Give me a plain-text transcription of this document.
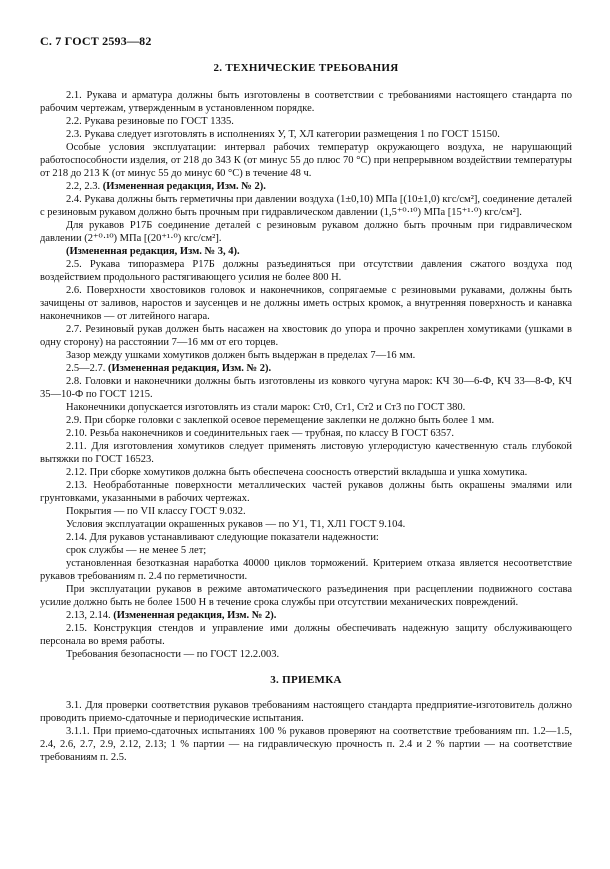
С. 7 ГОСТ 2593—82
2. ТЕХНИЧЕСКИЕ ТРЕБОВАНИЯ

2.1. Рукава и арматура должны быть изготовлены в соответствии с требованиями настоящего стандарта по рабочим чертежам, утвержденным в установленном порядке.

2.2. Рукава резиновые по ГОСТ 1335.

2.3. Рукава следует изготовлять в исполнениях У, Т, ХЛ категории размещения 1 по ГОСТ 15150.

Особые условия эксплуатации: интервал рабочих температур окружающего воздуха, не нарушающий работоспособности изделия, от 218 до 343 К (от минус 55 до плюс 70 °С) при непрерывном воздействии температуры от 218 до 213 К (от минус 55 до минус 60 °С) в течение 48 ч.

2.2, 2.3. (Измененная редакция, Изм. № 2).

2.4. Рукава должны быть герметичны при давлении воздуха (1±0,10) МПа [(10±1,0) кгс/см²], соединение деталей с резиновым рукавом должно быть прочным при гидравлическом давлении (1,5⁺⁰·¹⁰) МПа [15⁺¹·⁰) кгс/см²].

Для рукавов Р17Б соединение деталей с резиновым рукавом должно быть прочным при гидравлическом давлении (2⁺⁰·¹⁰) МПа [(20⁺¹·⁰) кгс/см²].

(Измененная редакция, Изм. № 3, 4).

2.5. Рукава типоразмера Р17Б должны разъединяться при отсутствии давления сжатого воздуха под воздействием продольного растягивающего усилия не более 800 Н.

2.6. Поверхности хвостовиков головок и наконечников, сопрягаемые с резиновыми рукавами, должны быть зачищены от заливов, наростов и заусенцев и не должны иметь острых кромок, а внутренняя поверхность и канавка наконечников — от литейного нагара.

2.7. Резиновый рукав должен быть насажен на хвостовик до упора и прочно закреплен хомутиками (ушками в одну сторону) на расстоянии 7—16 мм от его торцев.

Зазор между ушками хомутиков должен быть выдержан в пределах 7—16 мм.

2.5—2.7. (Измененная редакция, Изм. № 2).

2.8. Головки и наконечники должны быть изготовлены из ковкого чугуна марок: КЧ 30—6-Ф, КЧ 33—8-Ф, КЧ 35—10-Ф по ГОСТ 1215.

Наконечники допускается изготовлять из стали марок: Ст0, Ст1, Ст2 и Ст3 по ГОСТ 380.

2.9. При сборке головки с заклепкой осевое перемещение заклепки не должно быть более 1 мм.

2.10. Резьба наконечников и соединительных гаек — трубная, по классу В ГОСТ 6357.

2.11. Для изготовления хомутиков следует применять листовую углеродистую качественную сталь глубокой вытяжки по ГОСТ 16523.

2.12. При сборке хомутиков должна быть обеспечена соосность отверстий вкладыша и ушка хомутика.

2.13. Необработанные поверхности металлических частей рукавов должны быть окрашены эмалями или грунтовками, указанными в рабочих чертежах.

Покрытия — по VII классу ГОСТ 9.032.

Условия эксплуатации окрашенных рукавов — по У1, Т1, ХЛ1 ГОСТ 9.104.

2.14. Для рукавов устанавливают следующие показатели надежности:

срок службы — не менее 5 лет;

установленная безотказная наработка 40000 циклов торможений. Критерием отказа является несоответствие рукавов требованиям п. 2.4 по герметичности.

При эксплуатации рукавов в режиме автоматического разъединения при расцеплении подвижного состава усилие должно быть не более 1500 Н в течение срока службы при отсутствии механических повреждений.

2.13, 2.14. (Измененная редакция, Изм. № 2).

2.15. Конструкция стендов и управление ими должны обеспечивать надежную защиту обслуживающего персонала во время работы.

Требования безопасности — по ГОСТ 12.2.003.

3. ПРИЕМКА

3.1. Для проверки соответствия рукавов требованиям настоящего стандарта предприятие-изготовитель должно проводить приемо-сдаточные и периодические испытания.

3.1.1. При приемо-сдаточных испытаниях 100 % рукавов проверяют на соответствие требованиям пп. 1.2—1.5, 2.4, 2.6, 2.7, 2.9, 2.12, 2.13; 1 % партии — на гидравлическую прочность п. 2.4 и 2 % партии — на соответствие требованиям п. 2.5.
